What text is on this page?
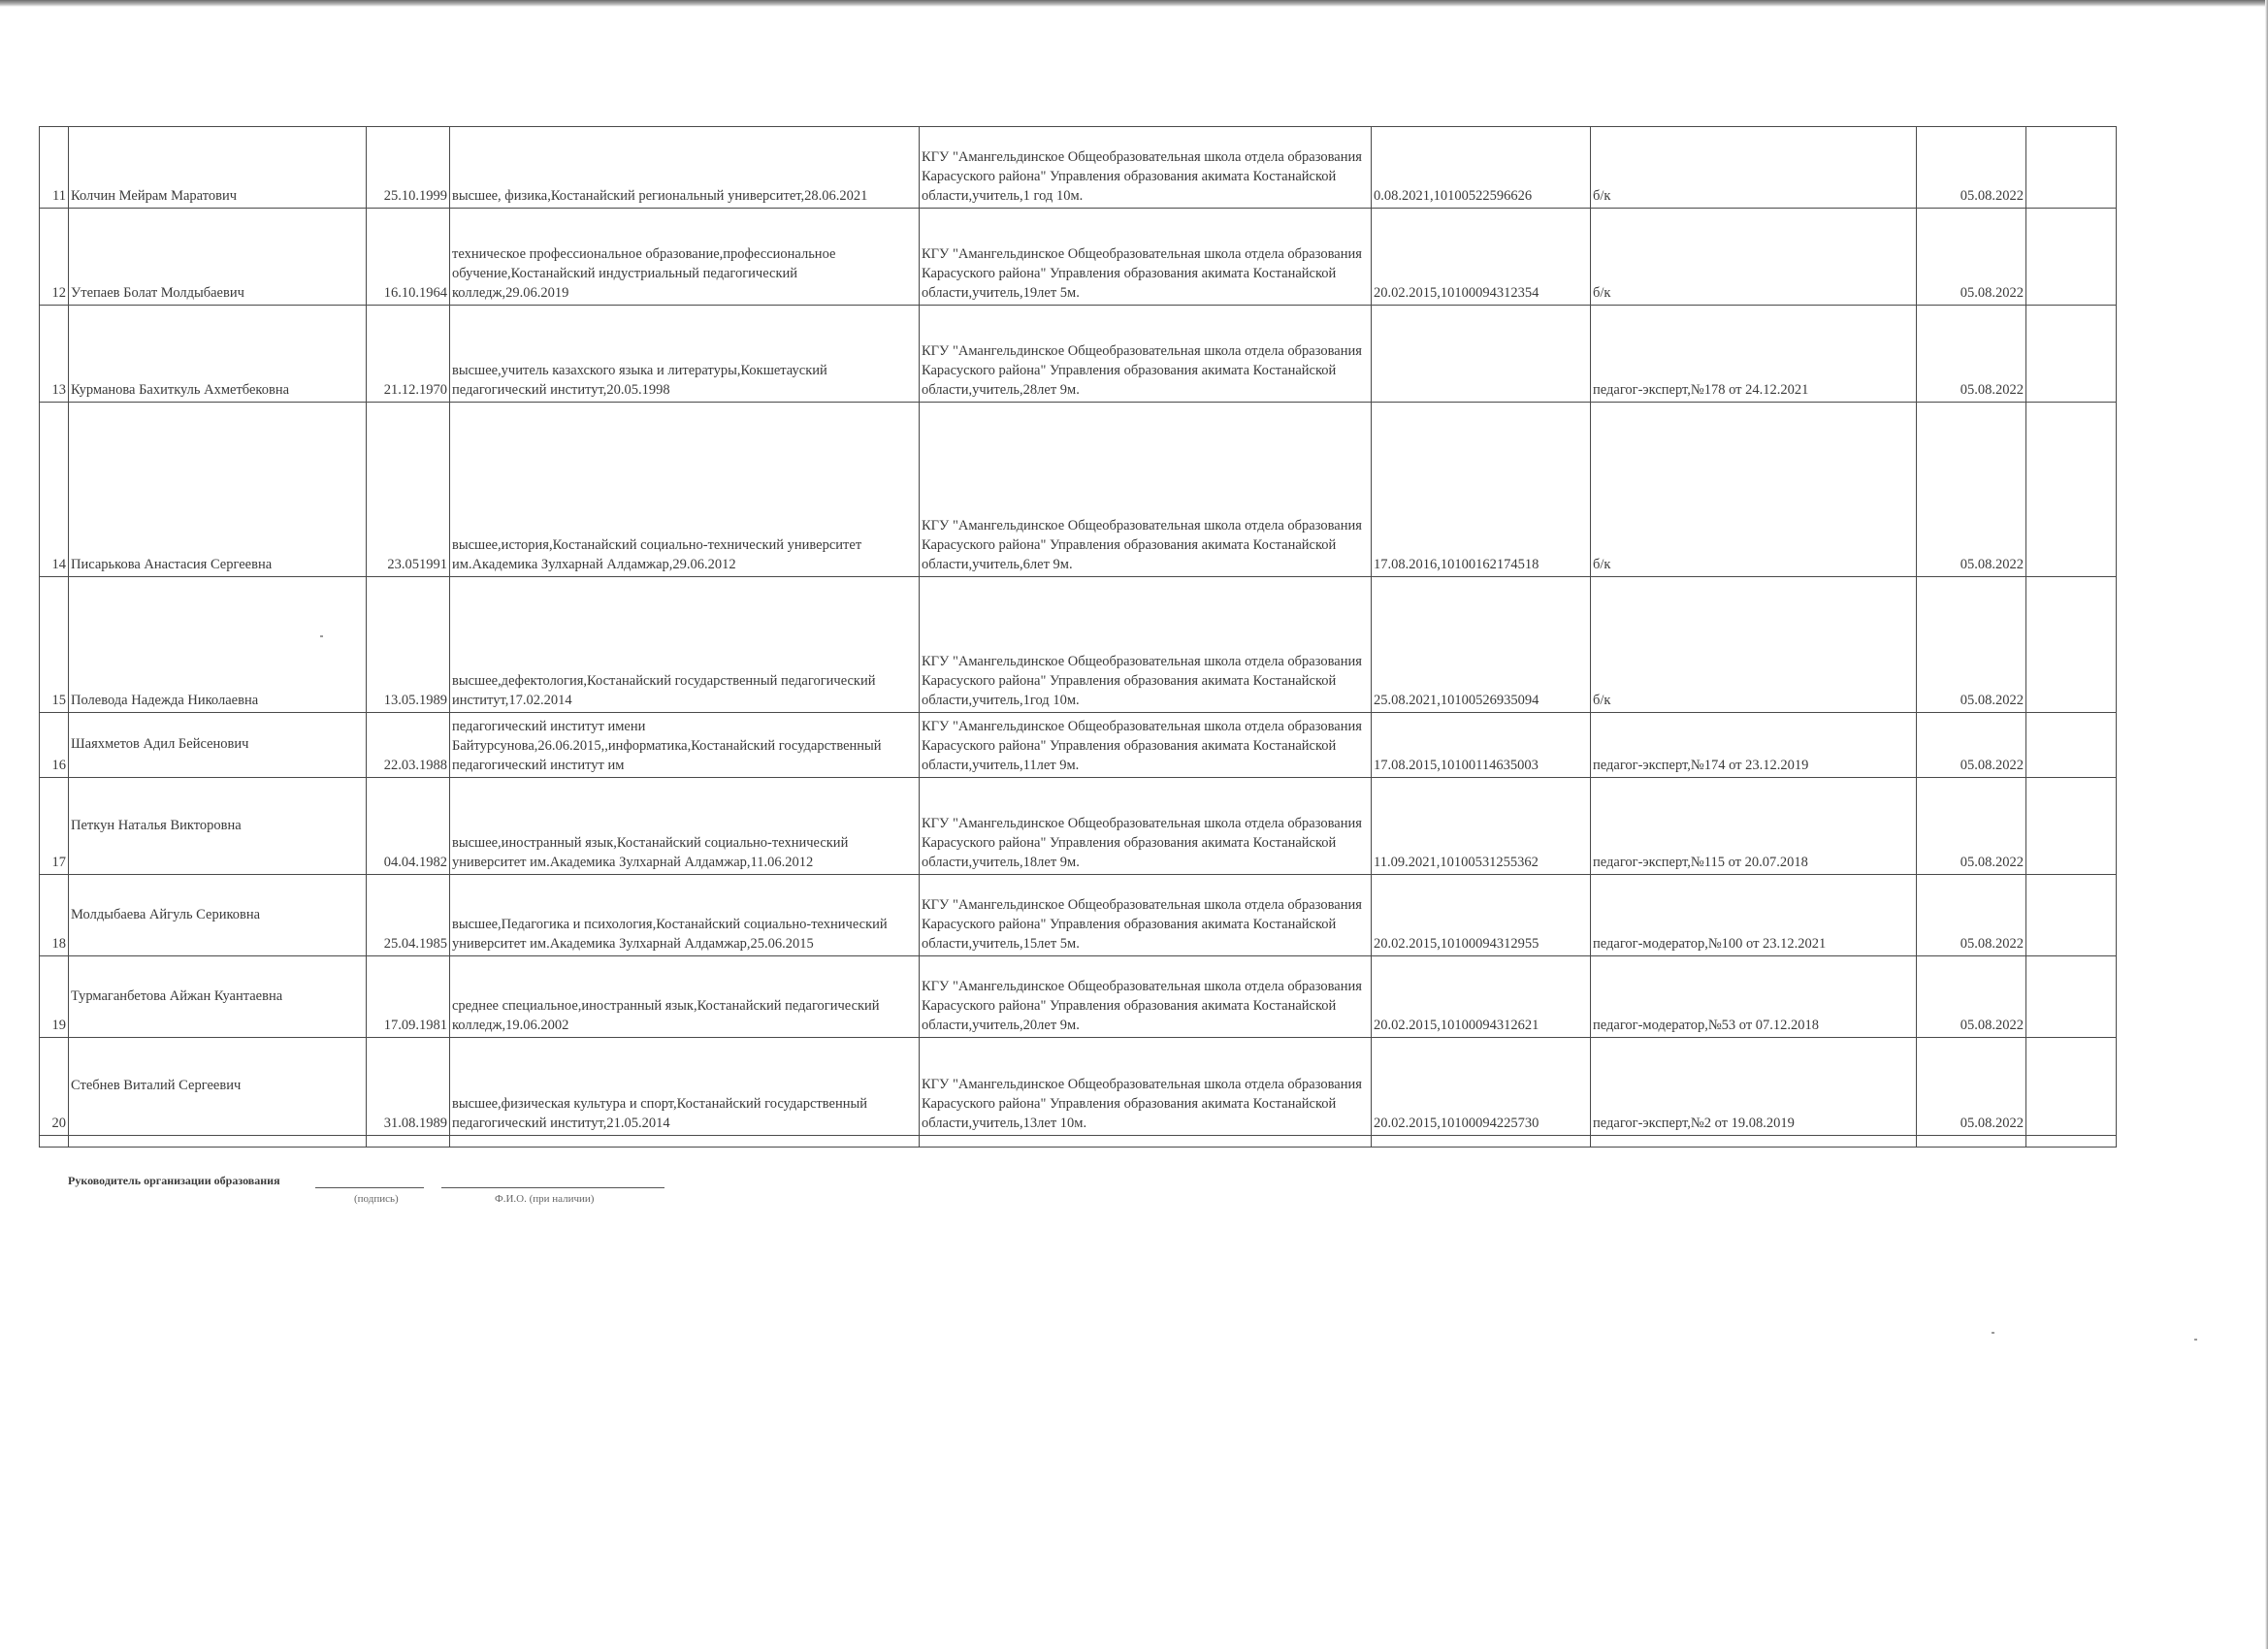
11	Колчин Мейрам Маратович	25.10.1999	высшее, физика,Костанайский региональный университет,28.06.2021	КГУ "Амангельдинское Общеобразовательная школа отдела образования Карасуского района" Управления образования акимата Костанайской области,учитель,1 год 10м.	0.08.2021,10100522596626	б/к	05.08.2022	
12	Утепаев Болат Молдыбаевич	16.10.1964	техническое профессиональное образование,профессиональное обучение,Костанайский индустриальный педагогический колледж,29.06.2019	КГУ "Амангельдинское Общеобразовательная школа отдела образования Карасуского района" Управления образования акимата Костанайской области,учитель,19лет 5м.	20.02.2015,10100094312354	б/к	05.08.2022	
13	Курманова Бахиткуль Ахметбековна	21.12.1970	высшее,учитель казахского языка и литературы,Кокшетауский педагогический институт,20.05.1998	КГУ "Амангельдинское Общеобразовательная школа отдела образования Карасуского района" Управления образования акимата Костанайской области,учитель,28лет 9м.		педагог-эксперт,№178 от 24.12.2021	05.08.2022	
14	Писарькова Анастасия Сергеевна	23.051991	высшее,история,Костанайский социально-технический университет им.Академика Зулхарнай Алдамжар,29.06.2012	КГУ "Амангельдинское Общеобразовательная школа отдела образования Карасуского района" Управления образования акимата Костанайской области,учитель,6лет 9м.	17.08.2016,10100162174518	б/к	05.08.2022	
15	Полевода Надежда Николаевна	13.05.1989	высшее,дефектология,Костанайский государственный педагогический институт,17.02.2014	КГУ "Амангельдинское Общеобразовательная школа отдела образования Карасуского района" Управления образования акимата Костанайской области,учитель,1год 10м.	25.08.2021,10100526935094	б/к	05.08.2022	
16	Шаяхметов Адил Бейсенович	22.03.1988	педагогический институт имени Байтурсунова,26.06.2015,,информатика,Костанайский государственный педагогический институт им	КГУ "Амангельдинское Общеобразовательная школа отдела образования Карасуского района" Управления образования акимата Костанайской области,учитель,11лет 9м.	17.08.2015,10100114635003	педагог-эксперт,№174 от 23.12.2019	05.08.2022	
17	Петкун Наталья Викторовна	04.04.1982	высшее,иностранный язык,Костанайский социально-технический университет им.Академика Зулхарнай Алдамжар,11.06.2012	КГУ "Амангельдинское Общеобразовательная школа отдела образования Карасуского района" Управления образования акимата Костанайской области,учитель,18лет 9м.	11.09.2021,10100531255362	педагог-эксперт,№115 от 20.07.2018	05.08.2022	
18	Молдыбаева Айгуль Сериковна	25.04.1985	высшее,Педагогика и психология,Костанайский социально-технический университет им.Академика Зулхарнай Алдамжар,25.06.2015	КГУ "Амангельдинское Общеобразовательная школа отдела образования Карасуского района" Управления образования акимата Костанайской области,учитель,15лет 5м.	20.02.2015,10100094312955	педагог-модератор,№100 от 23.12.2021	05.08.2022	
19	Турмаганбетова Айжан Куантаевна	17.09.1981	среднее специальное,иностранный язык,Костанайский педагогический колледж,19.06.2002	КГУ "Амангельдинское Общеобразовательная школа отдела образования Карасуского района" Управления образования акимата Костанайской области,учитель,20лет 9м.	20.02.2015,10100094312621	педагог-модератор,№53 от 07.12.2018	05.08.2022	
20	Стебнев Виталий Сергеевич	31.08.1989	высшее,физическая культура и спорт,Костанайский государственный педагогический институт,21.05.2014	КГУ "Амангельдинское Общеобразовательная школа отдела образования Карасуского района" Управления образования акимата Костанайской области,учитель,13лет 10м.	20.02.2015,10100094225730	педагог-эксперт,№2 от 19.08.2019	05.08.2022	

Руководитель организации образования
(подпись)	Ф.И.О. (при наличии)
